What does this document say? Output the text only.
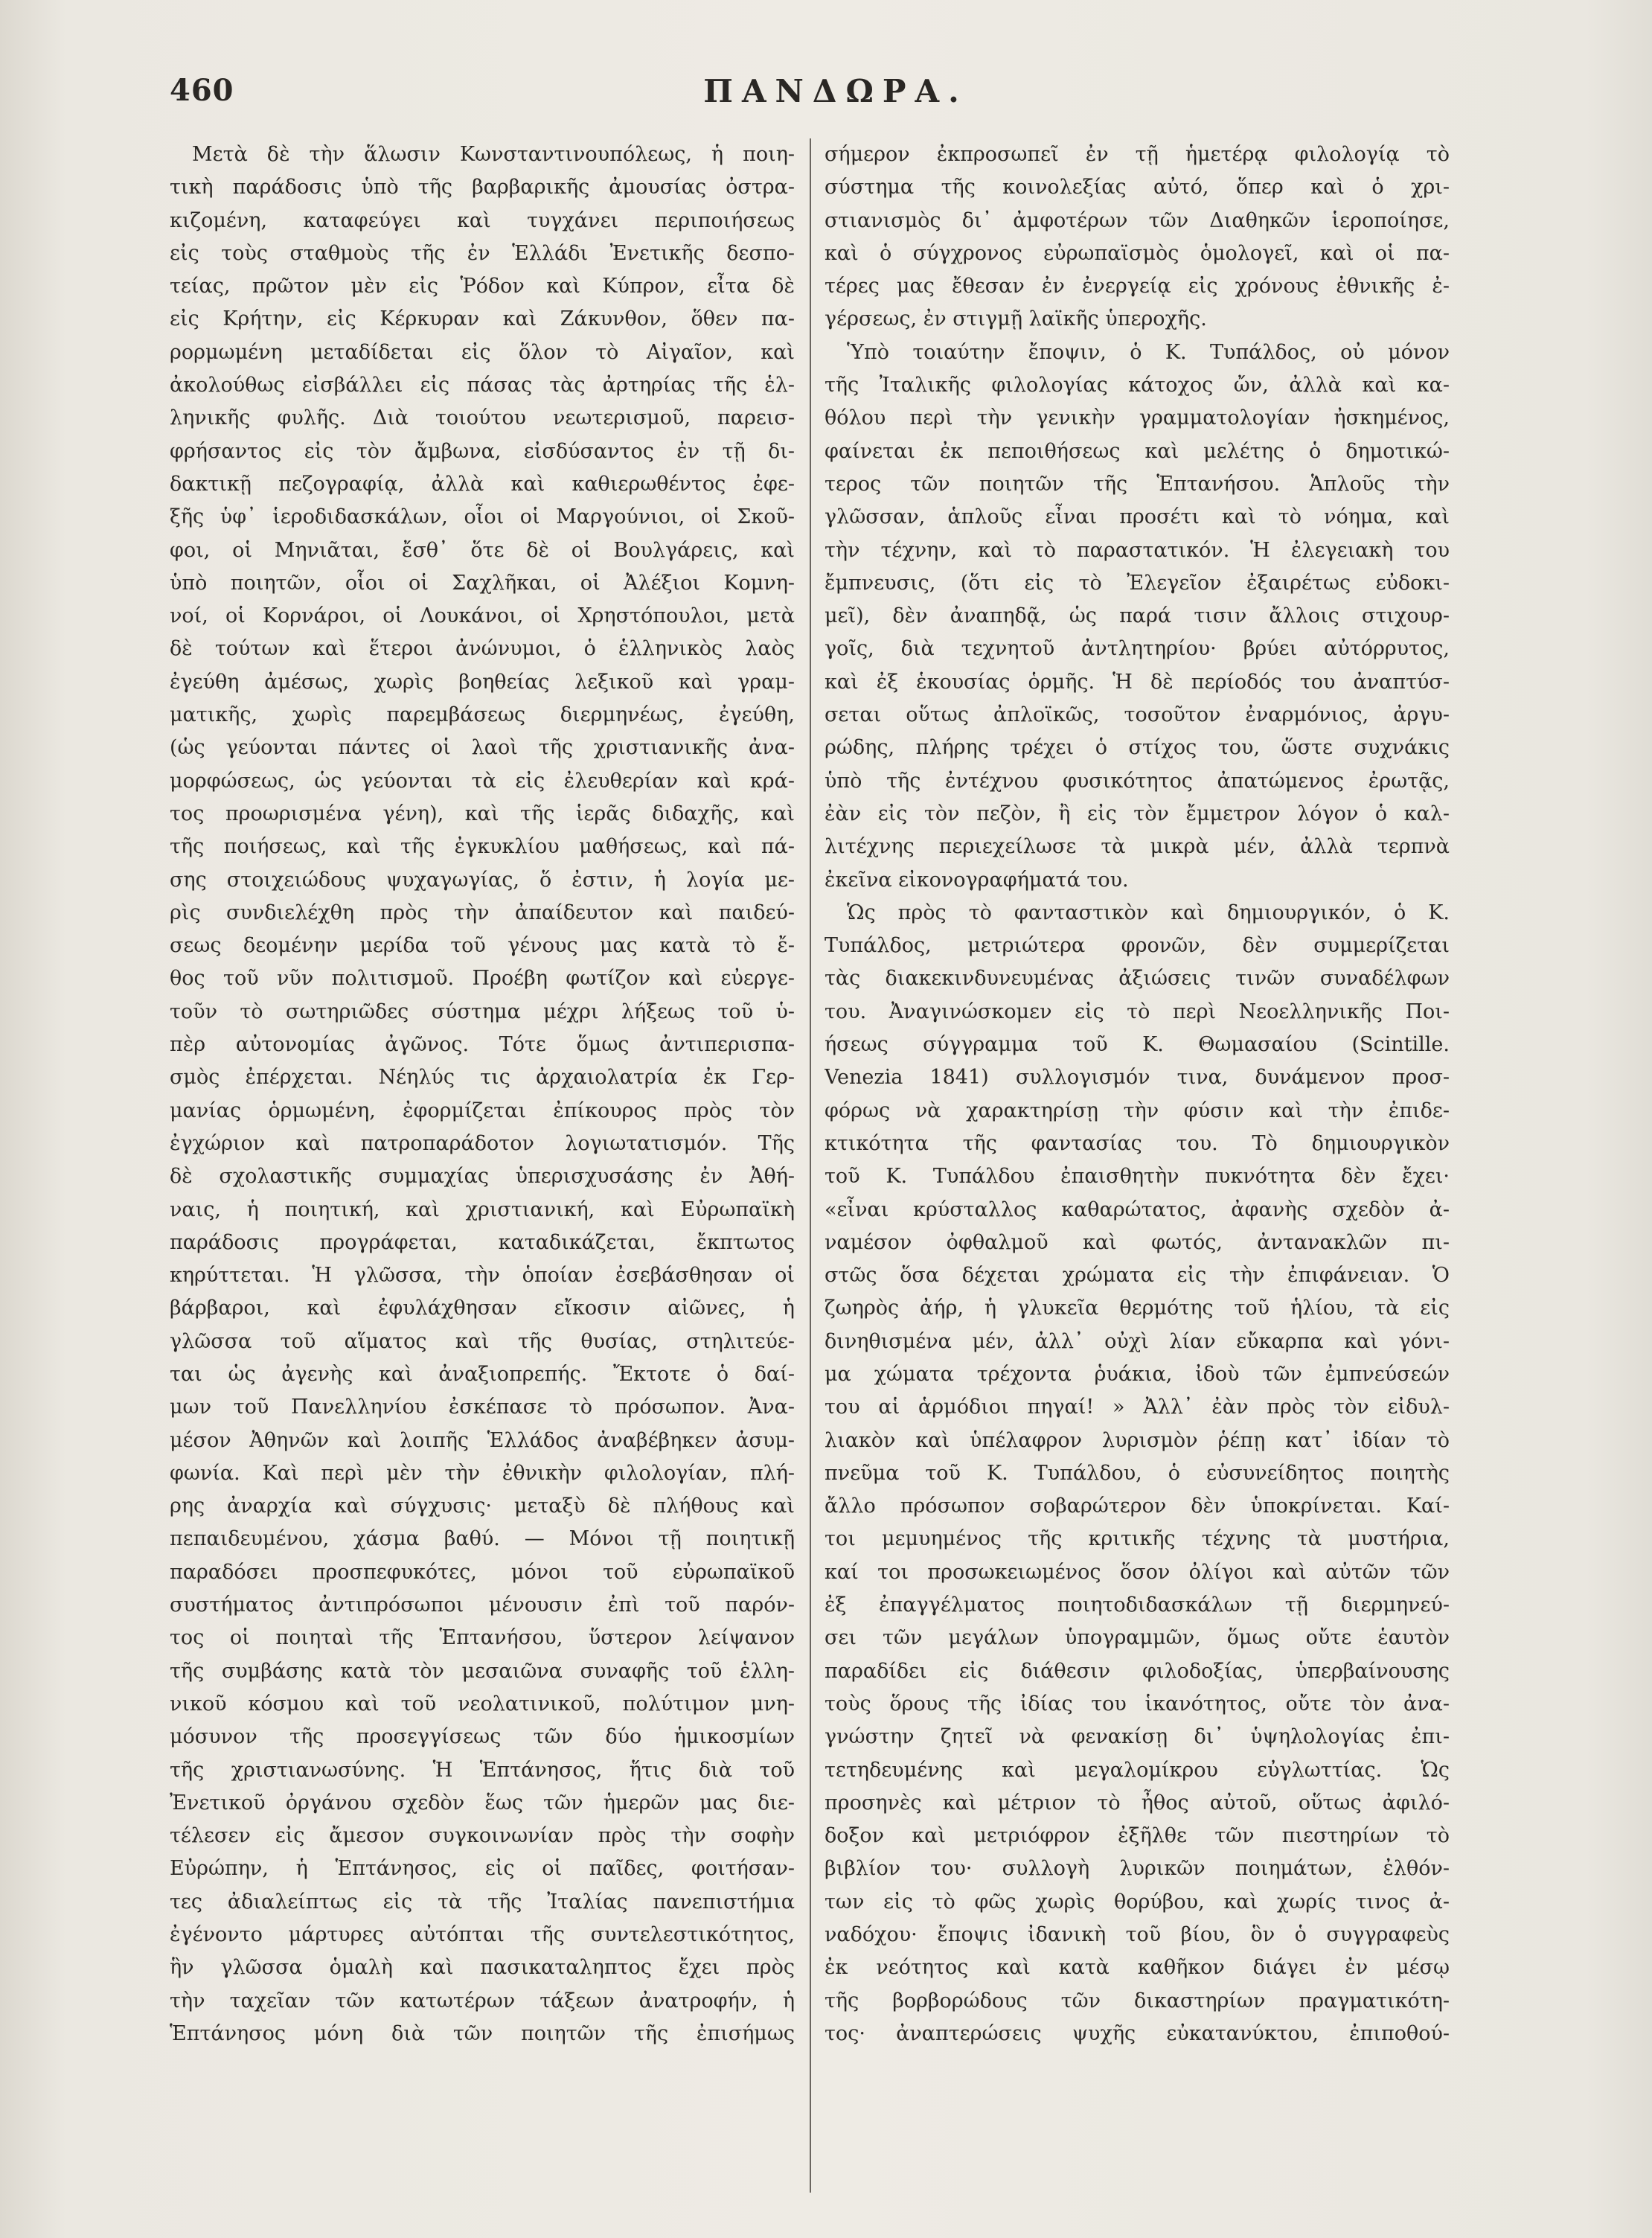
460	ΠΑΝΔΩΡΑ.
Μετὰ δὲ τὴν ἅλωσιν Κωνσταντινουπόλεως, ἡ ποιη-
τικὴ παράδοσις ὑπὸ τῆς βαρβαρικῆς ἀμουσίας ὀστρα-
κιζομένη, καταφεύγει καὶ τυγχάνει περιποιήσεως
εἰς τοὺς σταθμοὺς τῆς ἐν Ἑλλάδι Ἐνετικῆς δεσπο-
τείας, πρῶτον μὲν εἰς Ῥόδον καὶ Κύπρον, εἶτα δὲ
εἰς Κρήτην, εἰς Κέρκυραν καὶ Ζάκυνθον, ὅθεν πα-
ρορμωμένη μεταδίδεται εἰς ὅλον τὸ Αἰγαῖον, καὶ
ἀκολούθως εἰσβάλλει εἰς πάσας τὰς ἀρτηρίας τῆς ἑλ-
ληνικῆς φυλῆς. Διὰ τοιούτου νεωτερισμοῦ, παρεισ-
φρήσαντος εἰς τὸν ἄμβωνα, εἰσδύσαντος ἐν τῇ δι-
δακτικῇ πεζογραφίᾳ, ἀλλὰ καὶ καθιερωθέντος ἐφε-
ξῆς ὑφ᾽ ἱεροδιδασκάλων, οἷοι οἱ Μαργούνιοι, οἱ Σκοῦ-
φοι, οἱ Μηνιᾶται, ἔσθ᾽ ὅτε δὲ οἱ Βουλγάρεις, καὶ
ὑπὸ ποιητῶν, οἷοι οἱ Σαχλῆκαι, οἱ Ἀλέξιοι Κομνη-
νοί, οἱ Κορνάροι, οἱ Λουκάνοι, οἱ Χρηστόπουλοι, μετὰ
δὲ τούτων καὶ ἕτεροι ἀνώνυμοι, ὁ ἑλληνικὸς λαὸς
ἐγεύθη ἀμέσως, χωρὶς βοηθείας λεξικοῦ καὶ γραμ-
ματικῆς, χωρὶς παρεμβάσεως διερμηνέως, ἐγεύθη,
(ὡς γεύονται πάντες οἱ λαοὶ τῆς χριστιανικῆς ἀνα-
μορφώσεως, ὡς γεύονται τὰ εἰς ἐλευθερίαν καὶ κρά-
τος προωρισμένα γένη), καὶ τῆς ἱερᾶς διδαχῆς, καὶ
τῆς ποιήσεως, καὶ τῆς ἐγκυκλίου μαθήσεως, καὶ πά-
σης στοιχειώδους ψυχαγωγίας, ὅ ἐστιν, ἡ λογία με-
ρὶς συνδιελέχθη πρὸς τὴν ἀπαίδευτον καὶ παιδεύ-
σεως δεομένην μερίδα τοῦ γένους μας κατὰ τὸ ἔ-
θος τοῦ νῦν πολιτισμοῦ. Προέβη φωτίζον καὶ εὐεργε-
τοῦν τὸ σωτηριῶδες σύστημα μέχρι λήξεως τοῦ ὑ-
πὲρ αὐτονομίας ἀγῶνος. Τότε ὅμως ἀντιπερισπα-
σμὸς ἐπέρχεται. Νέηλύς τις ἀρχαιολατρία ἐκ Γερ-
μανίας ὁρμωμένη, ἐφορμίζεται ἐπίκουρος πρὸς τὸν
ἐγχώριον καὶ πατροπαράδοτον λογιωτατισμόν. Τῆς
δὲ σχολαστικῆς συμμαχίας ὑπερισχυσάσης ἐν Ἀθή-
ναις, ἡ ποιητική, καὶ χριστιανική, καὶ Εὐρωπαϊκὴ
παράδοσις προγράφεται, καταδικάζεται, ἔκπτωτος
κηρύττεται. Ἡ γλῶσσα, τὴν ὁποίαν ἐσεβάσθησαν οἱ
βάρβαροι, καὶ ἐφυλάχθησαν εἴκοσιν αἰῶνες, ἡ
γλῶσσα τοῦ αἵματος καὶ τῆς θυσίας, στηλιτεύε-
ται ὡς ἀγενὴς καὶ ἀναξιοπρεπής. Ἔκτοτε ὁ δαί-
μων τοῦ Πανελληνίου ἐσκέπασε τὸ πρόσωπον. Ἀνα-
μέσον Ἀθηνῶν καὶ λοιπῆς Ἑλλάδος ἀναβέβηκεν ἀσυμ-
φωνία. Καὶ περὶ μὲν τὴν ἐθνικὴν φιλολογίαν, πλή-
ρης ἀναρχία καὶ σύγχυσις· μεταξὺ δὲ πλήθους καὶ
πεπαιδευμένου, χάσμα βαθύ. — Μόνοι τῇ ποιητικῇ
παραδόσει προσπεφυκότες, μόνοι τοῦ εὐρωπαϊκοῦ
συστήματος ἀντιπρόσωποι μένουσιν ἐπὶ τοῦ παρόν-
τος οἱ ποιηταὶ τῆς Ἑπτανήσου, ὕστερον λείψανον
τῆς συμβάσης κατὰ τὸν μεσαιῶνα συναφῆς τοῦ ἑλλη-
νικοῦ κόσμου καὶ τοῦ νεολατινικοῦ, πολύτιμον μνη-
μόσυνον τῆς προσεγγίσεως τῶν δύο ἡμικοσμίων
τῆς χριστιανωσύνης. Ἡ Ἑπτάνησος, ἥτις διὰ τοῦ
Ἐνετικοῦ ὀργάνου σχεδὸν ἕως τῶν ἡμερῶν μας διε-
τέλεσεν εἰς ἄμεσον συγκοινωνίαν πρὸς τὴν σοφὴν
Εὐρώπην, ἡ Ἑπτάνησος, εἰς οἱ παῖδες, φοιτήσαν-
τες ἀδιαλείπτως εἰς τὰ τῆς Ἰταλίας πανεπιστήμια
ἐγένοντο μάρτυρες αὐτόπται τῆς συντελεστικότητος,
ἣν γλῶσσα ὁμαλὴ καὶ πασικαταληπτος ἔχει πρὸς
τὴν ταχεῖαν τῶν κατωτέρων τάξεων ἀνατροφήν, ἡ
Ἑπτάνησος μόνη διὰ τῶν ποιητῶν τῆς ἐπισήμως
σήμερον ἐκπροσωπεῖ ἐν τῇ ἡμετέρᾳ φιλολογίᾳ τὸ
σύστημα τῆς κοινολεξίας αὐτό, ὅπερ καὶ ὁ χρι-
στιανισμὸς δι᾽ ἀμφοτέρων τῶν Διαθηκῶν ἱεροποίησε,
καὶ ὁ σύγχρονος εὐρωπαϊσμὸς ὁμολογεῖ, καὶ οἱ πα-
τέρες μας ἔθεσαν ἐν ἐνεργείᾳ εἰς χρόνους ἐθνικῆς ἐ-
γέρσεως, ἐν στιγμῇ λαϊκῆς ὑπεροχῆς.
Ὑπὸ τοιαύτην ἔποψιν, ὁ Κ. Τυπάλδος, οὐ μόνον
τῆς Ἰταλικῆς φιλολογίας κάτοχος ὤν, ἀλλὰ καὶ κα-
θόλου περὶ τὴν γενικὴν γραμματολογίαν ἠσκημένος,
φαίνεται ἐκ πεποιθήσεως καὶ μελέτης ὁ δημοτικώ-
τερος τῶν ποιητῶν τῆς Ἑπτανήσου. Ἁπλοῦς τὴν
γλῶσσαν, ἁπλοῦς εἶναι προσέτι καὶ τὸ νόημα, καὶ
τὴν τέχνην, καὶ τὸ παραστατικόν. Ἡ ἐλεγειακὴ του
ἔμπνευσις, (ὅτι εἰς τὸ Ἐλεγεῖον ἐξαιρέτως εὐδοκι-
μεῖ), δὲν ἀναπηδᾷ, ὡς παρά τισιν ἄλλοις στιχουρ-
γοῖς, διὰ τεχνητοῦ ἀντλητηρίου· βρύει αὐτόρρυτος,
καὶ ἐξ ἑκουσίας ὁρμῆς. Ἡ δὲ περίοδός του ἀναπτύσ-
σεται οὕτως ἀπλοϊκῶς, τοσοῦτον ἐναρμόνιος, ἀργυ-
ρώδης, πλήρης τρέχει ὁ στίχος του, ὥστε συχνάκις
ὑπὸ τῆς ἐντέχνου φυσικότητος ἀπατώμενος ἐρωτᾷς,
ἐὰν εἰς τὸν πεζὸν, ἢ εἰς τὸν ἔμμετρον λόγον ὁ καλ-
λιτέχνης περιεχείλωσε τὰ μικρὰ μέν, ἀλλὰ τερπνὰ
ἐκεῖνα εἰκονογραφήματά του.
Ὡς πρὸς τὸ φανταστικὸν καὶ δημιουργικόν, ὁ Κ.
Τυπάλδος, μετριώτερα φρονῶν, δὲν συμμερίζεται
τὰς διακεκινδυνευμένας ἀξιώσεις τινῶν συναδέλφων
του. Ἀναγινώσκομεν εἰς τὸ περὶ Νεοελληνικῆς Ποι-
ήσεως σύγγραμμα τοῦ Κ. Θωμασαίου (Scintille.
Venezia 1841) συλλογισμόν τινα, δυνάμενον προσ-
φόρως νὰ χαρακτηρίσῃ τὴν φύσιν καὶ τὴν ἐπιδε-
κτικότητα τῆς φαντασίας του. Τὸ δημιουργικὸν
τοῦ Κ. Τυπάλδου ἐπαισθητὴν πυκνότητα δὲν ἔχει·
«εἶναι κρύσταλλος καθαρώτατος, ἀφανὴς σχεδὸν ἀ-
ναμέσον ὀφθαλμοῦ καὶ φωτός, ἀντανακλῶν πι-
στῶς ὅσα δέχεται χρώματα εἰς τὴν ἐπιφάνειαν. Ὁ
ζωηρὸς ἀήρ, ἡ γλυκεῖα θερμότης τοῦ ἡλίου, τὰ εἰς
δινηθισμένα μέν, ἀλλ᾽ οὐχὶ λίαν εὔκαρπα καὶ γόνι-
μα χώματα τρέχοντα ῥυάκια, ἰδοὺ τῶν ἐμπνεύσεών
του αἱ ἁρμόδιοι πηγαί! » Ἀλλ᾽ ἐὰν πρὸς τὸν εἰδυλ-
λιακὸν καὶ ὑπέλαφρον λυρισμὸν ῥέπῃ κατ᾽ ἰδίαν τὸ
πνεῦμα τοῦ Κ. Τυπάλδου, ὁ εὐσυνείδητος ποιητὴς
ἄλλο πρόσωπον σοβαρώτερον δὲν ὑποκρίνεται. Καί-
τοι μεμυημένος τῆς κριτικῆς τέχνης τὰ μυστήρια,
καί τοι προσωκειωμένος ὅσον ὀλίγοι καὶ αὐτῶν τῶν
ἐξ ἐπαγγέλματος ποιητοδιδασκάλων τῇ διερμηνεύ-
σει τῶν μεγάλων ὑπογραμμῶν, ὅμως οὔτε ἑαυτὸν
παραδίδει εἰς διάθεσιν φιλοδοξίας, ὑπερβαίνουσης
τοὺς ὅρους τῆς ἰδίας του ἱκανότητος, οὔτε τὸν ἀνα-
γνώστην ζητεῖ νὰ φενακίσῃ δι᾽ ὑψηλολογίας ἐπι-
τετηδευμένης καὶ μεγαλομίκρου εὐγλωττίας. Ὡς
προσηνὲς καὶ μέτριον τὸ ἦθος αὐτοῦ, οὕτως ἀφιλό-
δοξον καὶ μετριόφρον ἐξῆλθε τῶν πιεστηρίων τὸ
βιβλίον του· συλλογὴ λυρικῶν ποιημάτων, ἐλθόν-
των εἰς τὸ φῶς χωρὶς θορύβου, καὶ χωρίς τινος ἀ-
ναδόχου· ἔποψις ἰδανικὴ τοῦ βίου, ὃν ὁ συγγραφεὺς
ἐκ νεότητος καὶ κατὰ καθῆκον διάγει ἐν μέσῳ
τῆς βορβορώδους τῶν δικαστηρίων πραγματικότη-
τος· ἀναπτερώσεις ψυχῆς εὐκατανύκτου, ἐπιποθού-
